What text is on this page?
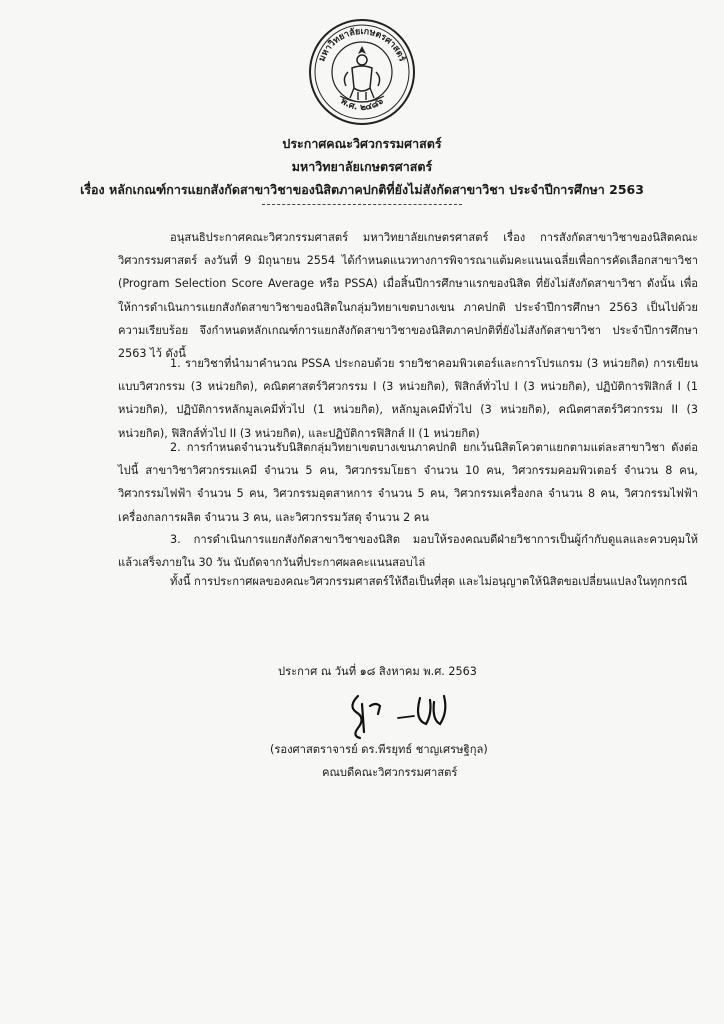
มหาวิทยาลัยเกษตรศาสตร์
พ.ศ. ๒๔๘๖
ประกาศคณะวิศวกรรมศาสตร์
มหาวิทยาลัยเกษตรศาสตร์
เรื่อง หลักเกณฑ์การแยกสังกัดสาขาวิชาของนิสิตภาคปกติที่ยังไม่สังกัดสาขาวิชา ประจำปีการศึกษา 2563
อนุสนธิประกาศคณะวิศวกรรมศาสตร์ มหาวิทยาลัยเกษตรศาสตร์ เรื่อง การสังกัดสาขาวิชาของนิสิตคณะวิศวกรรมศาสตร์ ลงวันที่ 9 มิถุนายน 2554 ได้กำหนดแนวทางการพิจารณาแต้มคะแนนเฉลี่ยเพื่อการคัดเลือกสาขาวิชา (Program Selection Score Average หรือ PSSA) เมื่อสิ้นปีการศึกษาแรกของนิสิต ที่ยังไม่สังกัดสาขาวิชา ดังนั้น เพื่อให้การดำเนินการแยกสังกัดสาขาวิชาของนิสิตในกลุ่มวิทยาเขตบางเขน ภาคปกติ ประจำปีการศึกษา 2563 เป็นไปด้วยความเรียบร้อย จึงกำหนดหลักเกณฑ์การแยกสังกัดสาขาวิชาของนิสิตภาคปกติที่ยังไม่สังกัดสาขาวิชา ประจำปีการศึกษา 2563 ไว้ ดังนี้
1. รายวิชาที่นำมาคำนวณ PSSA ประกอบด้วย รายวิชาคอมพิวเตอร์และการโปรแกรม (3 หน่วยกิต) การเขียนแบบวิศวกรรม (3 หน่วยกิต), คณิตศาสตร์วิศวกรรม I (3 หน่วยกิต), ฟิสิกส์ทั่วไป I (3 หน่วยกิต), ปฏิบัติการฟิสิกส์ I (1 หน่วยกิต), ปฏิบัติการหลักมูลเคมีทั่วไป (1 หน่วยกิต), หลักมูลเคมีทั่วไป (3 หน่วยกิต), คณิตศาสตร์วิศวกรรม II (3 หน่วยกิต), ฟิสิกส์ทั่วไป II (3 หน่วยกิต), และปฏิบัติการฟิสิกส์ II (1 หน่วยกิต)
2. การกำหนดจำนวนรับนิสิตกลุ่มวิทยาเขตบางเขนภาคปกติ ยกเว้นนิสิตโควตาแยกตามแต่ละสาขาวิชา ดังต่อไปนี้ สาขาวิชาวิศวกรรมเคมี จำนวน 5 คน, วิศวกรรมโยธา จำนวน 10 คน, วิศวกรรมคอมพิวเตอร์ จำนวน 8 คน, วิศวกรรมไฟฟ้า จำนวน 5 คน, วิศวกรรมอุตสาหการ จำนวน 5 คน, วิศวกรรมเครื่องกล จำนวน 8 คน, วิศวกรรมไฟฟ้าเครื่องกลการผลิต จำนวน 3 คน, และวิศวกรรมวัสดุ จำนวน 2 คน
3. การดำเนินการแยกสังกัดสาขาวิชาของนิสิต มอบให้รองคณบดีฝ่ายวิชาการเป็นผู้กำกับดูแลและควบคุมให้แล้วเสร็จภายใน 30 วัน นับถัดจากวันที่ประกาศผลคะแนนสอบไล่
ทั้งนี้ การประกาศผลของคณะวิศวกรรมศาสตร์ให้ถือเป็นที่สุด และไม่อนุญาตให้นิสิตขอเปลี่ยนแปลงในทุกกรณี
ประกาศ ณ วันที่ ๑๘ สิงหาคม พ.ศ. 2563
(รองศาสตราจารย์ ดร.พีรยุทธ์ ชาญเศรษฐิกุล)
คณบดีคณะวิศวกรรมศาสตร์
